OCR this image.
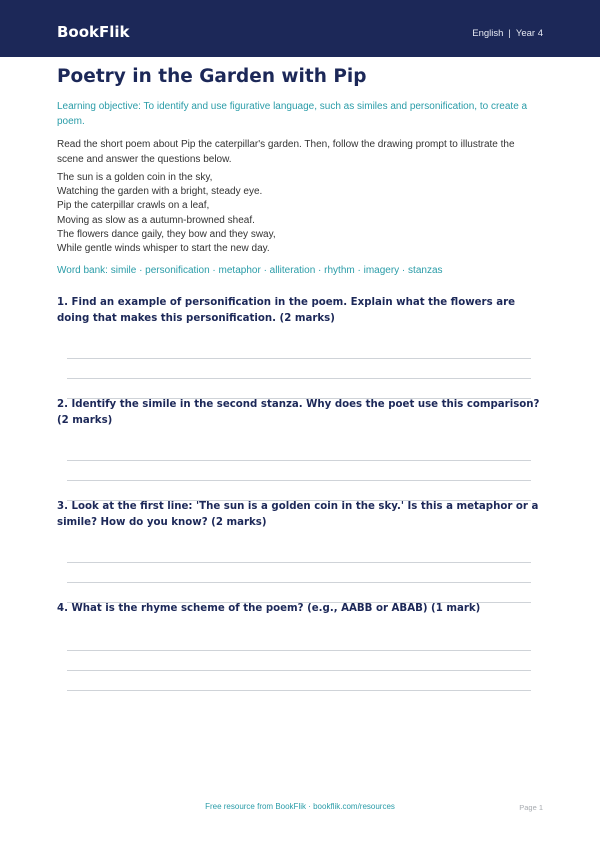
BookFlik	English | Year 4
Poetry in the Garden with Pip
Learning objective: To identify and use figurative language, such as similes and personification, to create a poem.
Read the short poem about Pip the caterpillar's garden. Then, follow the drawing prompt to illustrate the scene and answer the questions below.
The sun is a golden coin in the sky,
Watching the garden with a bright, steady eye.
Pip the caterpillar crawls on a leaf,
Moving as slow as a autumn-browned sheaf.
The flowers dance gaily, they bow and they sway,
While gentle winds whisper to start the new day.
Word bank: simile · personification · metaphor · alliteration · rhythm · imagery · stanzas
1. Find an example of personification in the poem. Explain what the flowers are doing that makes this personification. (2 marks)
2. Identify the simile in the second stanza. Why does the poet use this comparison? (2 marks)
3. Look at the first line: 'The sun is a golden coin in the sky.' Is this a metaphor or a simile? How do you know? (2 marks)
4. What is the rhyme scheme of the poem? (e.g., AABB or ABAB) (1 mark)
Free resource from BookFlik · bookflik.com/resources	Page 1
